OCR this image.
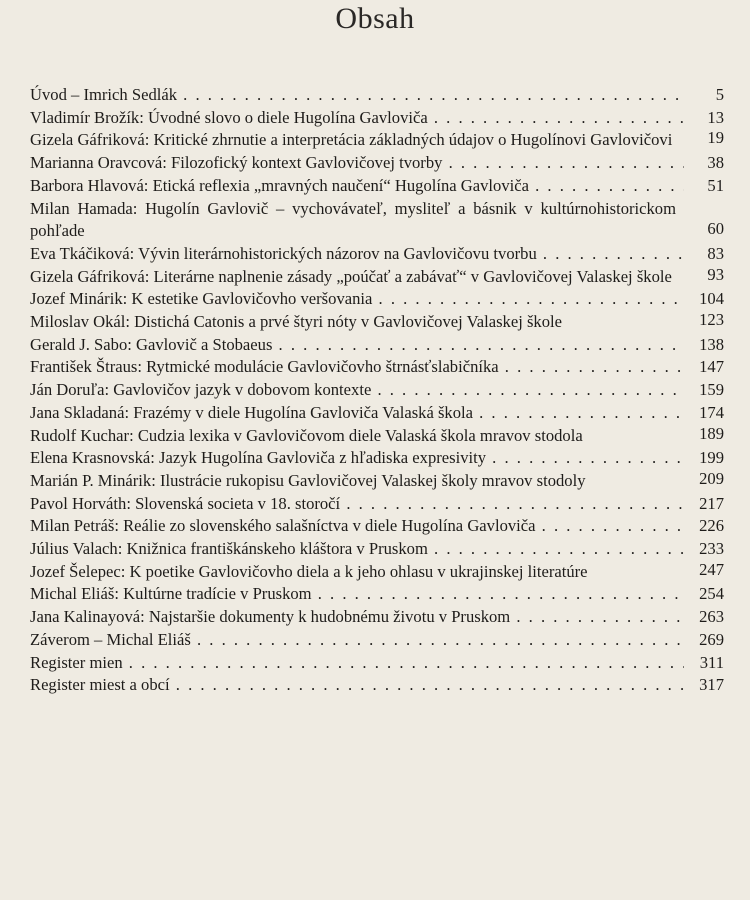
Obsah
Úvod – Imrich Sedlák . . .	5
Vladimír Brožík: Úvodné slovo o diele Hugolína Gavloviča . . .	13
Gizela Gáfriková: Kritické zhrnutie a interpretácia základných údajov o Hugolínovi Gavlovičovi	19
Marianna Oravcová: Filozofický kontext Gavlovičovej tvorby . . .	38
Barbora Hlavová: Etická reflexia „mravných naučení“ Hugolína Gavloviča . . .	51
Milan Hamada: Hugolín Gavlovič – vychovávateľ, mysliteľ a básnik v kultúrnohistorickom pohľade	60
Eva Tkáčiková: Vývin literárnohistorických názorov na Gavlovičovu tvorbu . . .	83
Gizela Gáfriková: Literárne naplnenie zásady „poúčať a zabávať“ v Gavlovičovej Valaskej škole	93
Jozef Minárik: K estetike Gavlovičovho veršovania . . .	104
Miloslav Okál: Distichá Catonis a prvé štyri nóty v Gavlovičovej Valaskej škole	123
Gerald J. Sabo: Gavlovič a Stobaeus . . .	138
František Štraus: Rytmické modulácie Gavlovičovho štrnásťslabičníka . . .	147
Ján Doruľa: Gavlovičov jazyk v dobovom kontexte . . .	159
Jana Skladaná: Frazémy v diele Hugolína Gavloviča Valaská škola . . .	174
Rudolf Kuchar: Cudzia lexika v Gavlovičovom diele Valaská škola mravov stodola	189
Elena Krasnovská: Jazyk Hugolína Gavloviča z hľadiska expresivity . . .	199
Marián P. Minárik: Ilustrácie rukopisu Gavlovičovej Valaskej školy mravov stodoly	209
Pavol Horváth: Slovenská societa v 18. storočí . . .	217
Milan Petráš: Reálie zo slovenského salašníctva v diele Hugolína Gavloviča . . .	226
Július Valach: Knižnica františkánskeho kláštora v Pruskom . . .	233
Jozef Šelepec: K poetike Gavlovičovho diela a k jeho ohlasu v ukrajinskej literatúre	247
Michal Eliáš: Kultúrne tradície v Pruskom . . .	254
Jana Kalinayová: Najstaršie dokumenty k hudobnému životu v Pruskom . . .	263
Záverom – Michal Eliáš . . .	269
Register mien . . .	311
Register miest a obcí . . .	317
